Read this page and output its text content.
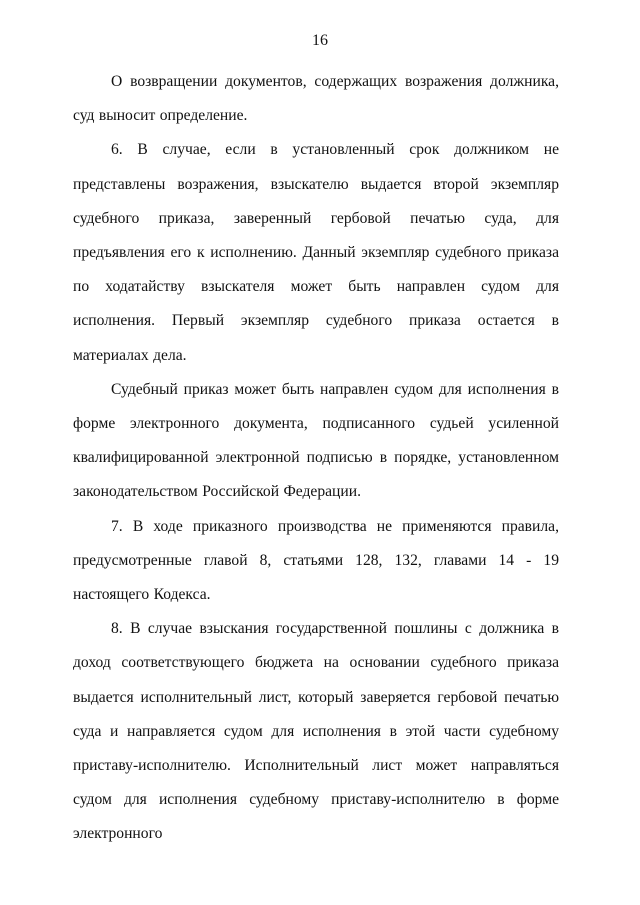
16

О возвращении документов, содержащих возражения должника, суд выносит определение.

6. В случае, если в установленный срок должником не представлены возражения, взыскателю выдается второй экземпляр судебного приказа, заверенный гербовой печатью суда, для предъявления его к исполнению. Данный экземпляр судебного приказа по ходатайству взыскателя может быть направлен судом для исполнения. Первый экземпляр судебного приказа остается в материалах дела.

Судебный приказ может быть направлен судом для исполнения в форме электронного документа, подписанного судьей усиленной квалифицированной электронной подписью в порядке, установленном законодательством Российской Федерации.

7. В ходе приказного производства не применяются правила, предусмотренные главой 8, статьями 128, 132, главами 14 - 19 настоящего Кодекса.

8. В случае взыскания государственной пошлины с должника в доход соответствующего бюджета на основании судебного приказа выдается исполнительный лист, который заверяется гербовой печатью суда и направляется судом для исполнения в этой части судебному приставу-исполнителю. Исполнительный лист может направляться судом для исполнения судебному приставу-исполнителю в форме электронного
